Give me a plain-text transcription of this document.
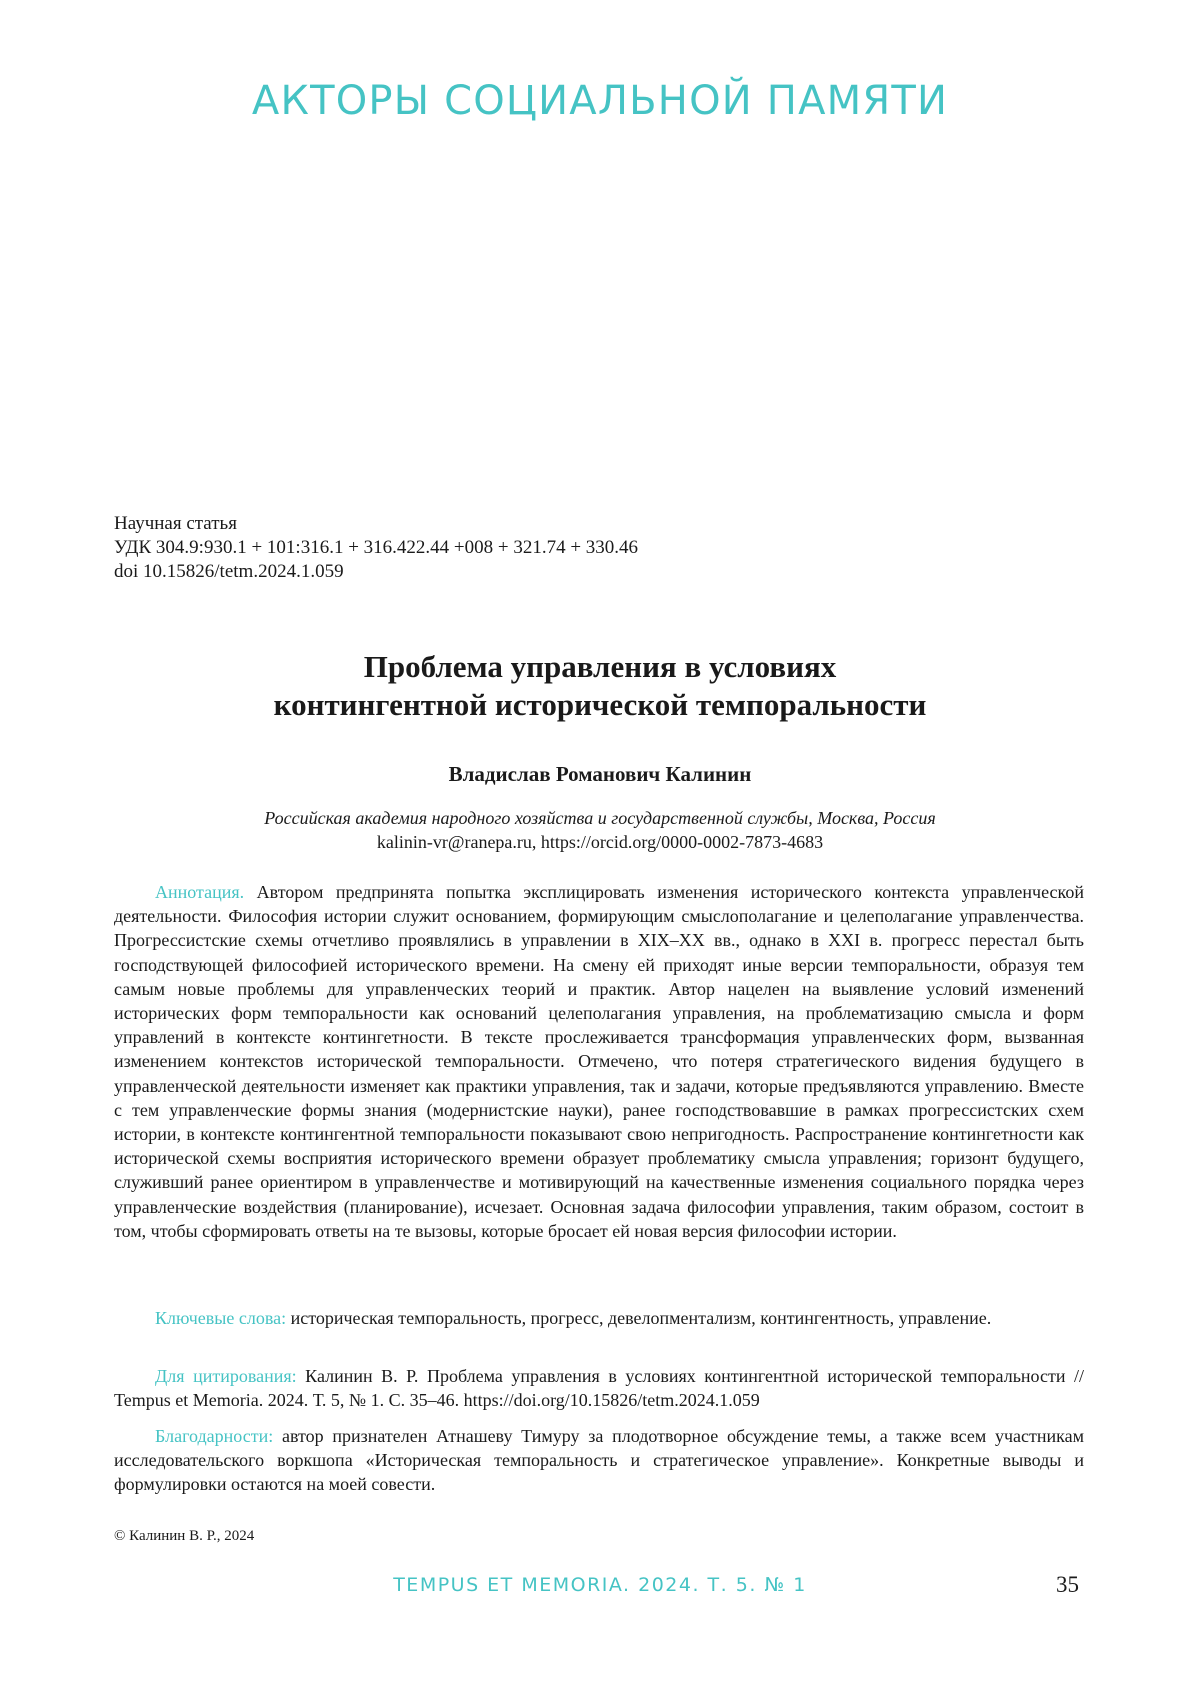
АКТОРЫ СОЦИАЛЬНОЙ ПАМЯТИ
Научная статья
УДК 304.9:930.1 + 101:316.1 + 316.422.44 +008 + 321.74 + 330.46
doi 10.15826/tetm.2024.1.059
Проблема управления в условиях
контингентной исторической темпоральности
Владислав Романович Калинин
Российская академия народного хозяйства и государственной службы, Москва, Россия
kalinin-vr@ranepa.ru, https://orcid.org/0000-0002-7873-4683
Аннотация. Автором предпринята попытка эксплицировать изменения исторического контекста управленческой деятельности. Философия истории служит основанием, формирующим смыслополагание и целеполагание управленчества. Прогрессистские схемы отчетливо проявлялись в управлении в XIX–XX вв., однако в XXI в. прогресс перестал быть господствующей философией исторического времени. На смену ей приходят иные версии темпоральности, образуя тем самым новые проблемы для управленческих теорий и практик. Автор нацелен на выявление условий изменений исторических форм темпоральности как оснований целеполагания управления, на проблематизацию смысла и форм управлений в контексте контингетности. В тексте прослеживается трансформация управленческих форм, вызванная изменением контекстов исторической темпоральности. Отмечено, что потеря стратегического видения будущего в управленческой деятельности изменяет как практики управления, так и задачи, которые предъявляются управлению. Вместе с тем управленческие формы знания (модернистские науки), ранее господствовавшие в рамках прогрессистских схем истории, в контексте контингентной темпоральности показывают свою непригодность. Распространение контингетности как исторической схемы восприятия исторического времени образует проблематику смысла управления; горизонт будущего, служивший ранее ориентиром в управленчестве и мотивирующий на качественные изменения социального порядка через управленческие воздействия (планирование), исчезает. Основная задача философии управления, таким образом, состоит в том, чтобы сформировать ответы на те вызовы, которые бросает ей новая версия философии истории.
Ключевые слова: историческая темпоральность, прогресс, девелопментализм, контингентность, управление.
Для цитирования: Калинин В. Р. Проблема управления в условиях контингентной исторической темпоральности // Tempus et Memoria. 2024. Т. 5, № 1. С. 35–46. https://doi.org/10.15826/tetm.2024.1.059
Благодарности: автор признателен Атнашеву Тимуру за плодотворное обсуждение темы, а также всем участникам исследовательского воркшопа «Историческая темпоральность и стратегическое управление». Конкретные выводы и формулировки остаются на моей совести.
© Калинин В. Р., 2024
TEMPUS ET MEMORIA. 2024. Т. 5. № 1	35
